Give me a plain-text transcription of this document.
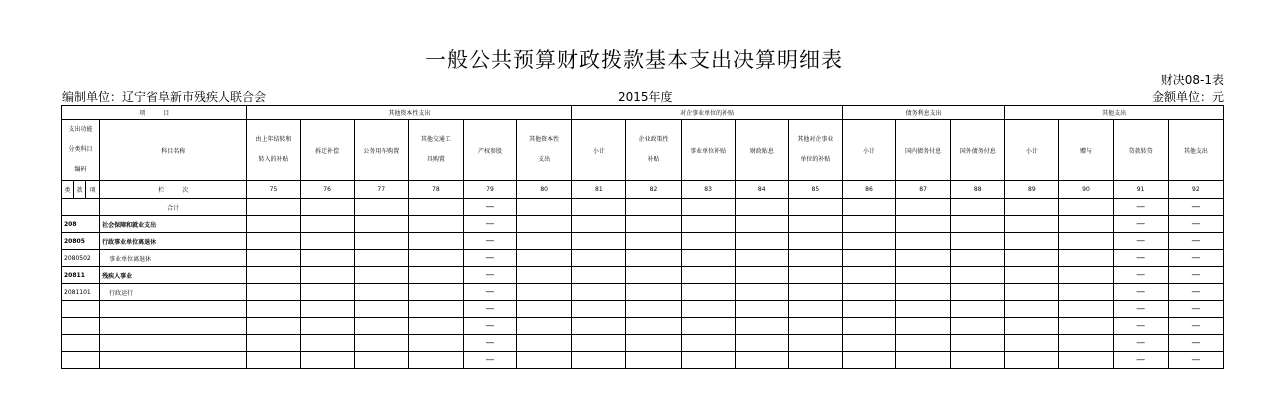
一般公共预算财政拨款基本支出决算明细表
财决08-1表
编制单位：辽宁省阜新市残疾人联合会	2015年度	金额单位：元
项　　　目				其他资本性支出						对企事业单位的补贴					债务利息支出			其他支出			
支出功能分类科目编码			科目名称	由上年结转和转入的补贴	拆迁补偿	公务用车购置	其他交通工具购置	产权参股	其他资本性支出	小计	企业政策性补贴	事业单位补贴	财政贴息	其他对企事业单位的补贴	小计	国内债务付息	国外债务付息	小计	赠与	贷款转贷	其他支出
类	款	项	栏　　　次	75	76	77	78	79	80	81	82	83	84	85	86	87	88	89	90	91	92
			合计					—												—	—
208			社会保障和就业支出					—												—	—
20805			行政事业单位离退休					—												—	—
2080502			事业单位离退休					—												—	—
20811			残疾人事业					—												—	—
2081101			行政运行					—												—	—
								—												—	—
								—												—	—
								—												—	—
								—												—	—
